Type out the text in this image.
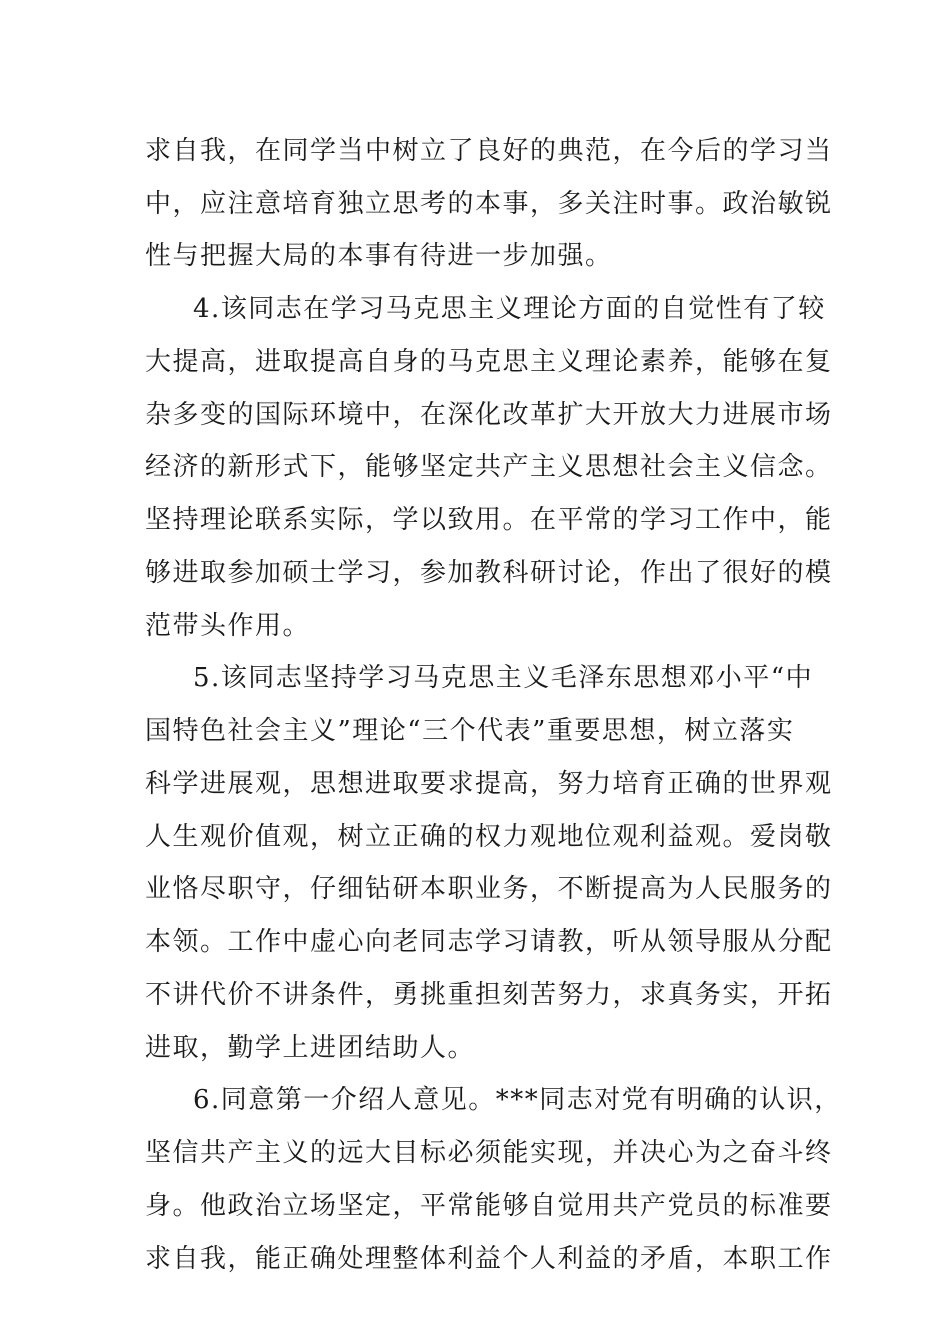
求自我，在同学当中树立了良好的典范，在今后的学习当
中，应注意培育独立思考的本事，多关注时事。政治敏锐
性与把握大局的本事有待进一步加强。
4.该同志在学习马克思主义理论方面的自觉性有了较
大提高，进取提高自身的马克思主义理论素养，能够在复
杂多变的国际环境中，在深化改革扩大开放大力进展市场
经济的新形式下，能够坚定共产主义思想社会主义信念。
坚持理论联系实际，学以致用。在平常的学习工作中，能
够进取参加硕士学习，参加教科研讨论，作出了很好的模
范带头作用。
5.该同志坚持学习马克思主义毛泽东思想邓小平“中
国特色社会主义”理论“三个代表”重要思想，树立落实
科学进展观，思想进取要求提高，努力培育正确的世界观
人生观价值观，树立正确的权力观地位观利益观。爱岗敬
业恪尽职守，仔细钻研本职业务，不断提高为人民服务的
本领。工作中虚心向老同志学习请教，听从领导服从分配
不讲代价不讲条件，勇挑重担刻苦努力，求真务实，开拓
进取，勤学上进团结助人。
6.同意第一介绍人意见。***同志对党有明确的认识，
坚信共产主义的远大目标必须能实现，并决心为之奋斗终
身。他政治立场坚定，平常能够自觉用共产党员的标准要
求自我，能正确处理整体利益个人利益的矛盾，本职工作
